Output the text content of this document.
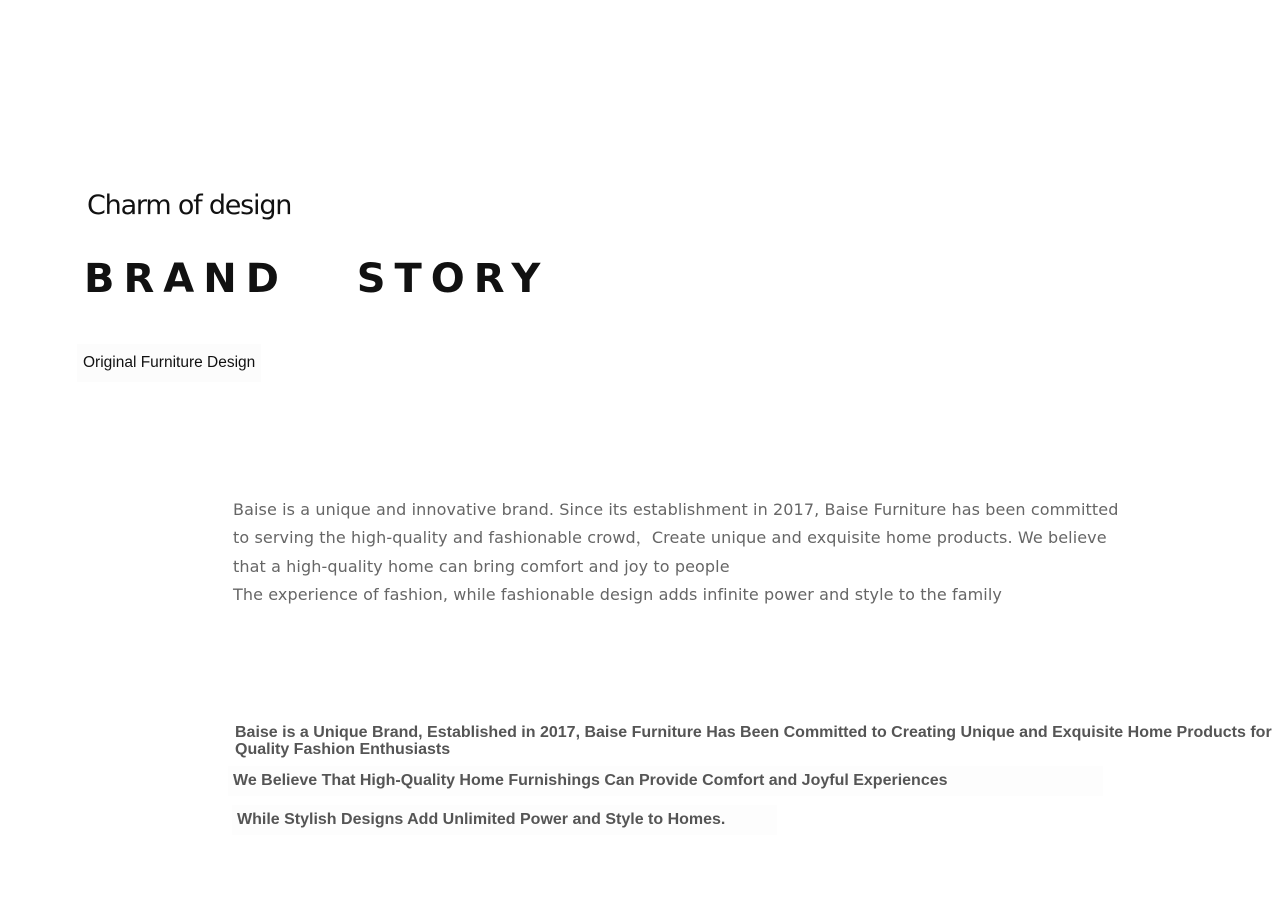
Charm of design
BRAND   STORY
Original Furniture Design

Baise is a unique and innovative brand. Since its establishment in 2017, Baise Furniture has been committed to serving the high-quality and fashionable crowd，Create unique and exquisite home products. We believe that a high-quality home can bring comfort and joy to people

The experience of fashion, while fashionable design adds infinite power and style to the family

Baise is a Unique Brand, Established in 2017, Baise Furniture Has Been Committed to Creating Unique and Exquisite Home Products for Quality Fashion Enthusiasts
We Believe That High-Quality Home Furnishings Can Provide Comfort and Joyful Experiences
While Stylish Designs Add Unlimited Power and Style to Homes.
